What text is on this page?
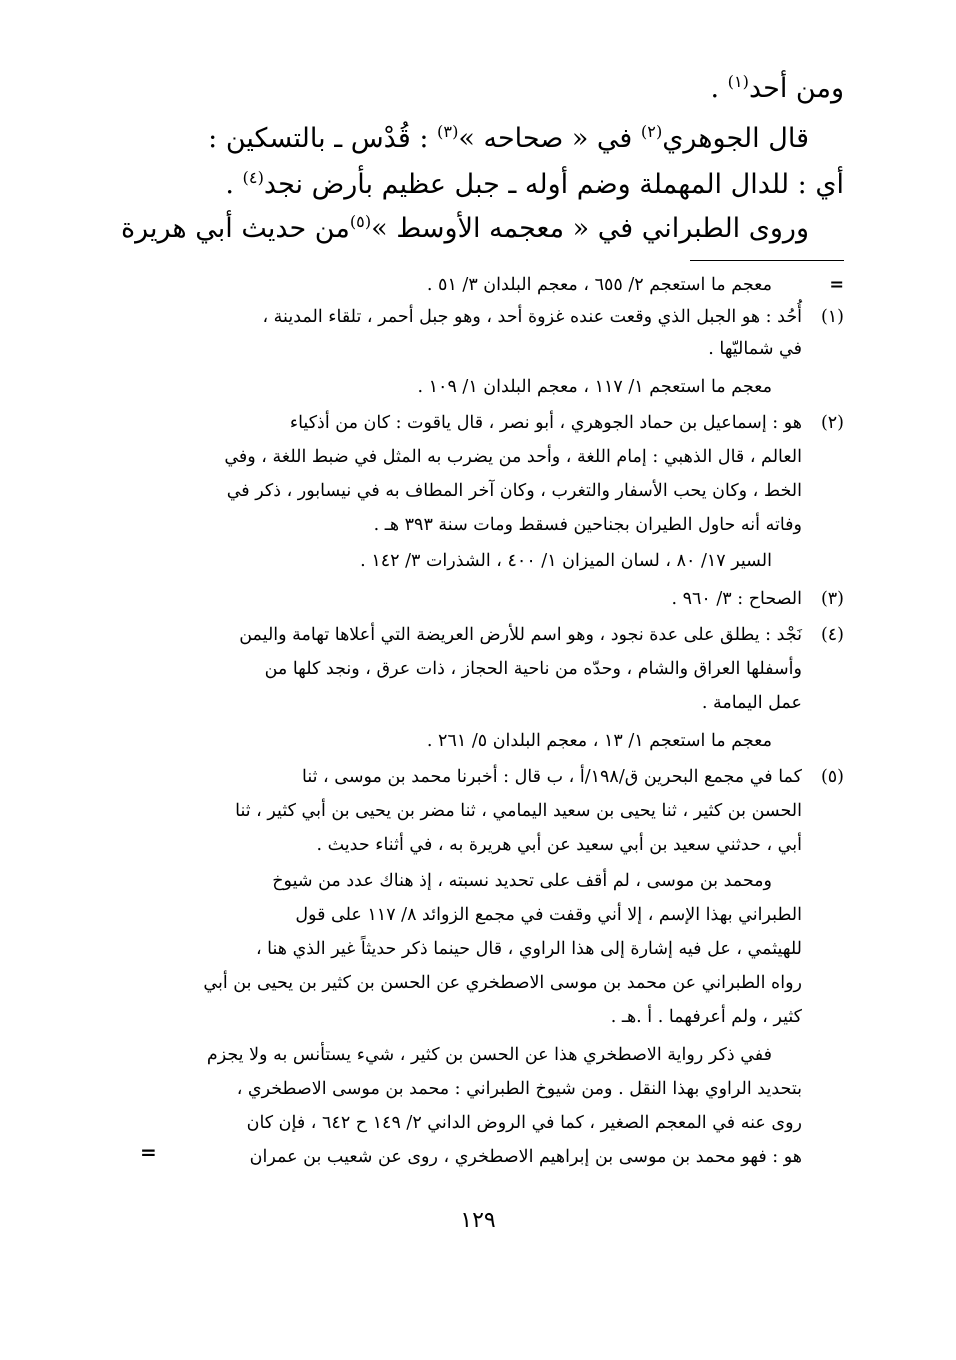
ومن أحد$^{(١)}$ .
قال الجوهري$^{(٢)}$ في « صحاحه »$^{(٣)}$ : قُدْس ـ بالتسكين :
أي : للدال المهملة وضم أوله ـ جبل عظيم بأرض نجد$^{(٤)}$ .
وروى الطبراني في « معجمه الأوسط »$^{(٥)}$من حديث أبي هريرة
=
معجم ما استعجم ٢/ ٦٥٥ ، معجم البلدان ٣/ ٥١ .
(١)
أُحُد : هو الجبل الذي وقعت عنده غزوة أحد ، وهو جبل أحمر ، تلقاء المدينة ،
في شماليّها .
معجم ما استعجم ١/ ١١٧ ، معجم البلدان ١/ ١٠٩ .
(٢)
هو : إسماعيل بن حماد الجوهري ، أبو نصر ، قال ياقوت : كان من أذكياء
العالم ، قال الذهبي : إمام اللغة ، وأحد من يضرب به المثل في ضبط اللغة ، وفي
الخط ، وكان يحب الأسفار والتغرب ، وكان آخر المطاف به في نيسابور ، ذكر في
وفاته أنه حاول الطيران بجناحين فسقط ومات سنة ٣٩٣ هـ .
السير ١٧/ ٨٠ ، لسان الميزان ١/ ٤٠٠ ، الشذرات ٣/ ١٤٢ .
(٣)
الصحاح : ٣/ ٩٦٠ .
(٤)
نَجْد : يطلق على عدة نجود ، وهو اسم للأرض العريضة التي أعلاها تهامة واليمن
وأسفلها العراق والشام ، وحدّه من ناحية الحجاز ، ذات عرق ، ونجد كلها من
عمل اليمامة .
معجم ما استعجم ١/ ١٣ ، معجم البلدان ٥/ ٢٦١ .
(٥)
كما في مجمع البحرين ق/١٩٨/أ ، ب قال : أخبرنا محمد بن موسى ، ثنا
الحسن بن كثير ، ثنا يحيى بن سعيد اليمامي ، ثنا مضر بن يحيى بن أبي كثير ، ثنا
أبي ، حدثني سعيد بن أبي سعيد عن أبي هريرة به ، في أثناء حديث .
ومحمد بن موسى ، لم أقف على تحديد نسبته ، إذ هناك عدد من شيوخ
الطبراني بهذا الإسم ، إلا أني وقفت في مجمع الزوائد ٨/ ١١٧ على قول
للهيثمي ، عل فيه إشارة إلى هذا الراوي ، قال حينما ذكر حديثاً غير الذي هنا ،
رواه الطبراني عن محمد بن موسى الاصطخري عن الحسن بن كثير بن يحيى بن أبي
كثير ، ولم أعرفهما . أ .هـ .
ففي ذكر رواية الاصطخري هذا عن الحسن بن كثير ، شيء يستأنس به ولا يجزم
بتحديد الراوي بهذا النقل . ومن شيوخ الطبراني : محمد بن موسى الاصطخري ،
روى عنه في المعجم الصغير ، كما في الروض الداني ٢/ ١٤٩ ح ٦٤٢ ، فإن كان
هو : فهو محمد بن موسى بن إبراهيم الاصطخري ، روى عن شعيب بن عمران
=
١٢٩
